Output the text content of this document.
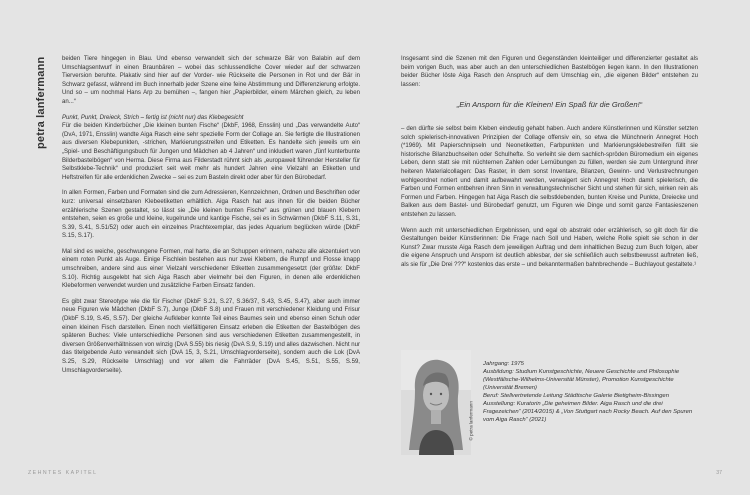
petra lanfermann beiden Tiere hingegen in Blau. Und ebenso verwandelt sich der schwarze Bär von Balabin auf dem Umschlagsentwurf in einen Braunbären – wobei das schlussendliche Cover wieder auf der schwarzen Tierversion beruhte. Plakativ sind hier auf der Vorder- wie Rückseite die Personen in Rot und der Bär in Schwarz gefasst, während im Buch innerhalb jeder Szene eine feine Abstimmung und Differenzierung erfolgte. Und so – um nochmal Hans Arp zu bemühen –, fangen hier „Papierbilder, einem Märchen gleich, zu leben an...“

Punkt, Punkt, Dreieck, Strich – fertig ist (nicht nur) das Klebegesicht

Für die beiden Kinderbücher „Die kleinen bunten Fische“ (DkbF, 1968, Ensslin) und „Das verwandelte Auto“ (DvA, 1971, Ensslin) wandte Aiga Rasch eine sehr spezielle Form der Collage an. Sie fertigte die Illustrationen aus diversen Klebepunkten, -strichen, Markierungsstreifen und Etiketten. Es handelte sich jeweils um ein „Spiel- und Beschäftigungsbuch für Jungen und Mädchen ab 4 Jahren“ und inkludiert waren „fünf kunterbunte Bilderbastelbögen“ von Herma. Diese Firma aus Filderstadt rühmt sich als „europaweit führender Hersteller für Selbstklebe-Technik“ und produziert seit weit mehr als hundert Jahren eine Vielzahl an Etiketten und Heftstreifen für alle erdenklichen Zwecke – sei es zum Basteln direkt oder aber für den Bürobedarf.

In allen Formen, Farben und Formaten sind die zum Adressieren, Kennzeichnen, Ordnen und Beschriften oder kurz: universal einsetzbaren Klebeetiketten erhältlich. Aiga Rasch hat aus ihnen für die beiden Bücher erzählerische Szenen gestaltet, so lässt sie „Die kleinen bunten Fische“ aus grünen und blauen Klebern entstehen, seien es große und kleine, kugelrunde und kantige Fische, sei es in Schwärmen (DkbF S.11, S.31, S.39, S.41, S.51/52) oder auch ein einzelnes Prachtexemplar, das jedes Aquarium beglücken würde (DkbF S.15, S.17).

Mal sind es weiche, geschwungene Formen, mal harte, die an Schuppen erinnern, nahezu alle akzentuiert von einem roten Punkt als Auge. Einige Fischlein bestehen aus nur zwei Klebern, die Rumpf und Flosse knapp umschreiben, andere sind aus einer Vielzahl verschiedener Etiketten zusammengesetzt (der größte: DkbF S.10). Richtig ausgelebt hat sich Aiga Rasch aber vielmehr bei den Figuren, in denen alle erdenklichen Klebeformen verwendet wurden und zusätzliche Farben Einsatz fanden.

Es gibt zwar Stereotype wie die für Fischer (DkbF S.21, S.27, S.36/37, S.43, S.45, S.47), aber auch immer neue Figuren wie Mädchen (DkbF S.7), Junge (DkbF S.8) und Frauen mit verschiedener Kleidung und Frisur (DkbF S.19, S.45, S.57). Der gleiche Aufkleber konnte Teil eines Baumes sein und ebenso einen Schuh oder einen kleinen Fisch darstellen. Einen noch vielfältigeren Einsatz erleben die Etiketten der Bastelbögen des späteren Buches: Viele unterschiedliche Personen sind aus verschiedenen Etiketten zusammengestellt, in diversen Größenverhältnissen von winzig (DvA S.55) bis riesig (DvA S.9, S.19) und alles dazwischen. Nicht nur das titelgebende Auto verwandelt sich (DvA 15, 3, S.21, Umschlagvorderseite), sondern auch die Lok (DvA S.25, S.29, Rückseite Umschlag) und vor allem die Fahrräder (DvA S.45, S.51, S.55, S.59, Umschlagvorderseite).

Insgesamt sind die Szenen mit den Figuren und Gegenständen kleinteiliger und differenzierter gestaltet als beim vorigen Buch, was aber auch an den unterschiedlichen Bastelbögen liegen kann. In den Illustrationen beider Bücher löste Aiga Rasch den Anspruch auf dem Umschlag ein, „die eigenen Bilder“ entstehen zu lassen:

„Ein Ansporn für die Kleinen! Ein Spaß für die Großen!“

– den dürfte sie selbst beim Kleben eindeutig gehabt haben. Auch andere Künstlerinnen und Künstler setzten solch spielerisch-innovativen Prinzipien der Collage offensiv ein, so etwa die Münchnerin Annegret Hoch (*1969). Mit Papierschnipseln und Neonetiketten, Farbpunkten und Markierungsklebestreifen füllt sie historische Bilanzbuchseiten oder Schulhefte. So verleiht sie dem sachlich-spröden Büromedium ein eigenes Leben, denn statt sie mit nüchternen Zahlen oder Lernübungen zu füllen, werden sie zum Untergrund ihrer heiteren Materialcollagen: Das Raster, in dem sonst Inventare, Bilanzen, Gewinn- und Verlustrechnungen wohlgeordnet notiert und damit aufbewahrt werden, verwaigert sich Annegret Hoch damit spielerisch, die Farben und Formen entbehren ihren Sinn in verwaltungstechnischer Sicht und stehen für sich, wirken rein als Formen und Farben. Hingegen hat Aiga Rasch die selbstklebenden, bunten Kreise und Punkte, Dreiecke und Balken aus dem Bastel- und Bürobedarf genutzt, um Figuren wie Dinge und somit ganze Fantasieszenen entstehen zu lassen.

Wenn auch mit unterschiedlichen Ergebnissen, und egal ob abstrakt oder erzählerisch, so gilt doch für die Gestaltungen beider Künstlerinnen: Die Frage nach Soll und Haben, welche Rolle spielt sie schon in der Kunst? Zwar musste Aiga Rasch dem jeweiligen Auftrag und dem inhaltlichen Bezug zum Buch folgen, aber die eigene Anspruch und Ansporn ist deutlich ablesbar, der sie schließlich auch selbstbewusst auftreten ließ, als sie für „Die Drei ???“ kostenlos das erste – und bekanntermaßen bahnbrechende – Buchlayout gestaltete.¹

© petra lanfermann
Jahrgang: 1975
Ausbildung: Studium Kunstgeschichte, Neuere Geschichte und Philosophie (Westfälische-Wilhelms-Universität Münster), Promotion Kunstgeschichte (Universität Bremen)
Beruf: Stellvertretende Leitung Städtische Galerie Bietigheim-Bissingen
Ausstellung: Kuratorin „Die geheimen Bilder. Aiga Rasch und die drei Fragezeichen“ (2014/2015) & „Von Stuttgart nach Rocky Beach. Auf den Spuren vom Aiga Rasch“ (2021)
ZEHNTES KAPITEL	37
